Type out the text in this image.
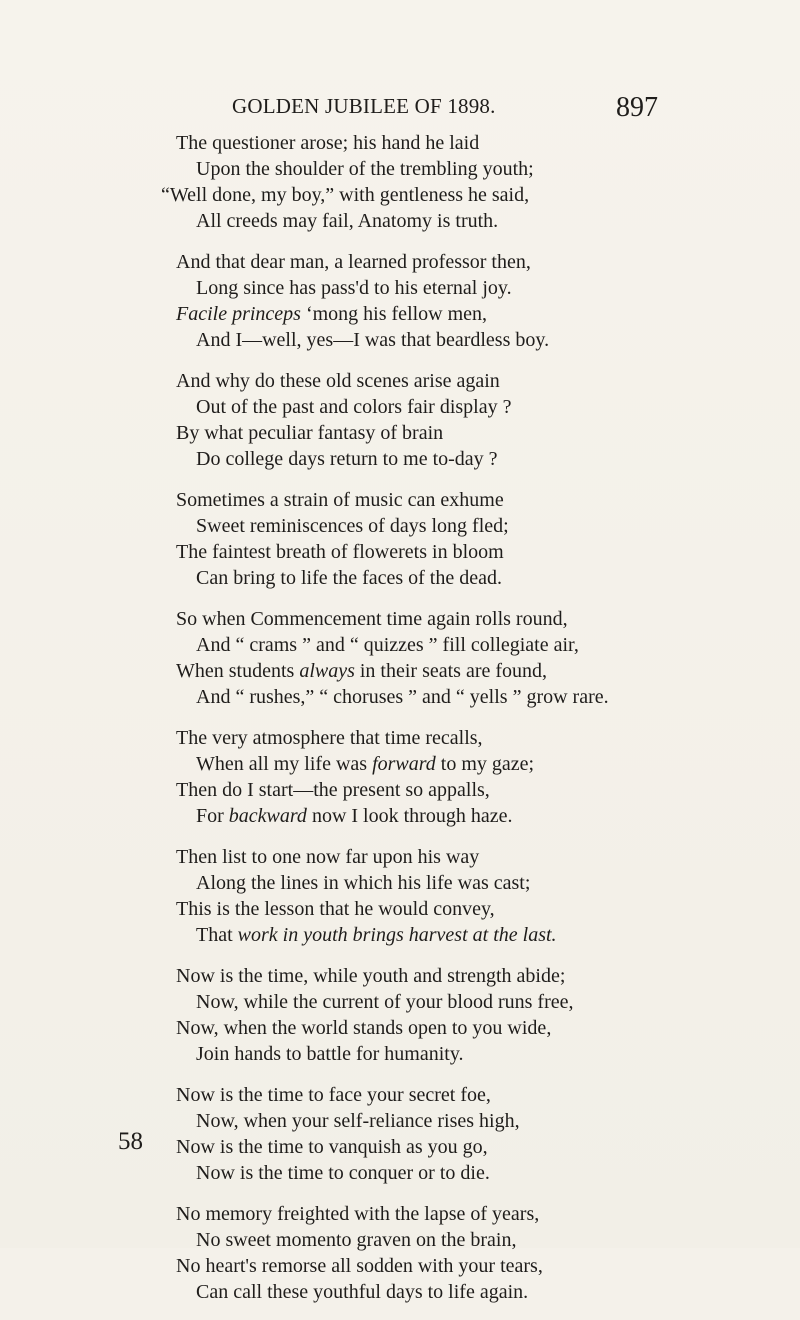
GOLDEN JUBILEE OF 1898.	897
The questioner arose; his hand he laid
Upon the shoulder of the trembling youth;
“Well done, my boy,” with gentleness he said,
All creeds may fail, Anatomy is truth.
And that dear man, a learned professor then,
Long since has pass'd to his eternal joy.
Facile princeps ‘mong his fellow men,
And I—well, yes—I was that beardless boy.
And why do these old scenes arise again
Out of the past and colors fair display ?
By what peculiar fantasy of brain
Do college days return to me to-day ?
Sometimes a strain of music can exhume
Sweet reminiscences of days long fled;
The faintest breath of flowerets in bloom
Can bring to life the faces of the dead.
So when Commencement time again rolls round,
And “ crams ” and “ quizzes ” fill collegiate air,
When students always in their seats are found,
And “ rushes,” “ choruses ” and “ yells ” grow rare.
The very atmosphere that time recalls,
When all my life was forward to my gaze;
Then do I start—the present so appalls,
For backward now I look through haze.
Then list to one now far upon his way
Along the lines in which his life was cast;
This is the lesson that he would convey,
That work in youth brings harvest at the last.
Now is the time, while youth and strength abide;
Now, while the current of your blood runs free,
Now, when the world stands open to you wide,
Join hands to battle for humanity.
Now is the time to face your secret foe,
Now, when your self-reliance rises high,
Now is the time to vanquish as you go,
Now is the time to conquer or to die.
No memory freighted with the lapse of years,
No sweet momento graven on the brain,
No heart's remorse all sodden with your tears,
Can call these youthful days to life again.
58
